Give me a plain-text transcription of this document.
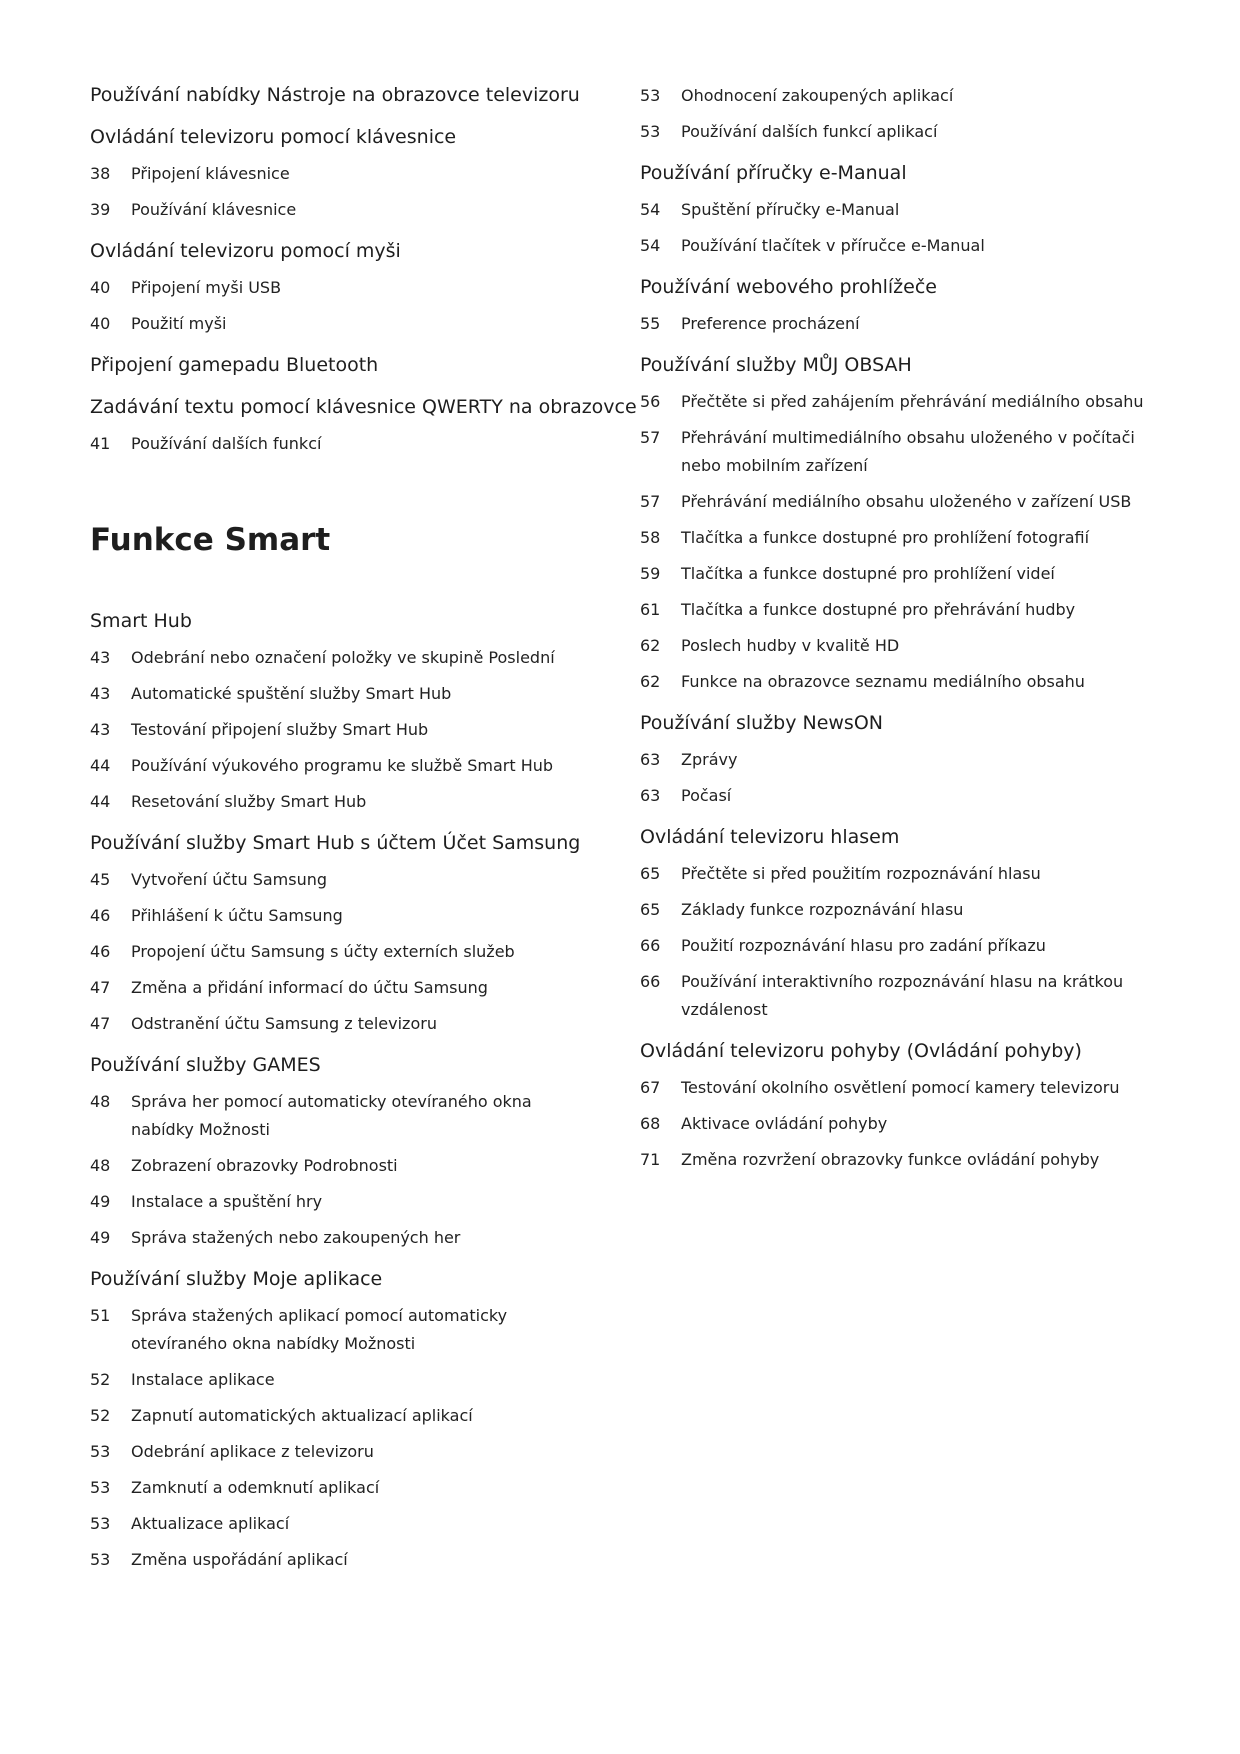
Používání nabídky Nástroje na obrazovce televizoru
Ovládání televizoru pomocí klávesnice
38	Připojení klávesnice
39	Používání klávesnice
Ovládání televizoru pomocí myši
40	Připojení myši USB
40	Použití myši
Připojení gamepadu Bluetooth
Zadávání textu pomocí klávesnice QWERTY na obrazovce
41	Používání dalších funkcí
Funkce Smart
Smart Hub
43	Odebrání nebo označení položky ve skupině Poslední
43	Automatické spuštění služby Smart Hub
43	Testování připojení služby Smart Hub
44	Používání výukového programu ke službě Smart Hub
44	Resetování služby Smart Hub
Používání služby Smart Hub s účtem Účet Samsung
45	Vytvoření účtu Samsung
46	Přihlášení k účtu Samsung
46	Propojení účtu Samsung s účty externích služeb
47	Změna a přidání informací do účtu Samsung
47	Odstranění účtu Samsung z televizoru
Používání služby GAMES
48	Správa her pomocí automaticky otevíraného okna nabídky Možnosti
48	Zobrazení obrazovky Podrobnosti
49	Instalace a spuštění hry
49	Správa stažených nebo zakoupených her
Používání služby Moje aplikace
51	Správa stažených aplikací pomocí automaticky otevíraného okna nabídky Možnosti
52	Instalace aplikace
52	Zapnutí automatických aktualizací aplikací
53	Odebrání aplikace z televizoru
53	Zamknutí a odemknutí aplikací
53	Aktualizace aplikací
53	Změna uspořádání aplikací
53	Ohodnocení zakoupených aplikací
53	Používání dalších funkcí aplikací
Používání příručky e-Manual
54	Spuštění příručky e-Manual
54	Používání tlačítek v příručce e-Manual
Používání webového prohlížeče
55	Preference procházení
Používání služby MŮJ OBSAH
56	Přečtěte si před zahájením přehrávání mediálního obsahu
57	Přehrávání multimediálního obsahu uloženého v počítači nebo mobilním zařízení
57	Přehrávání mediálního obsahu uloženého v zařízení USB
58	Tlačítka a funkce dostupné pro prohlížení fotografií
59	Tlačítka a funkce dostupné pro prohlížení videí
61	Tlačítka a funkce dostupné pro přehrávání hudby
62	Poslech hudby v kvalitě HD
62	Funkce na obrazovce seznamu mediálního obsahu
Používání služby NewsON
63	Zprávy
63	Počasí
Ovládání televizoru hlasem
65	Přečtěte si před použitím rozpoznávání hlasu
65	Základy funkce rozpoznávání hlasu
66	Použití rozpoznávání hlasu pro zadání příkazu
66	Používání interaktivního rozpoznávání hlasu na krátkou vzdálenost
Ovládání televizoru pohyby (Ovládání pohyby)
67	Testování okolního osvětlení pomocí kamery televizoru
68	Aktivace ovládání pohyby
71	Změna rozvržení obrazovky funkce ovládání pohyby
